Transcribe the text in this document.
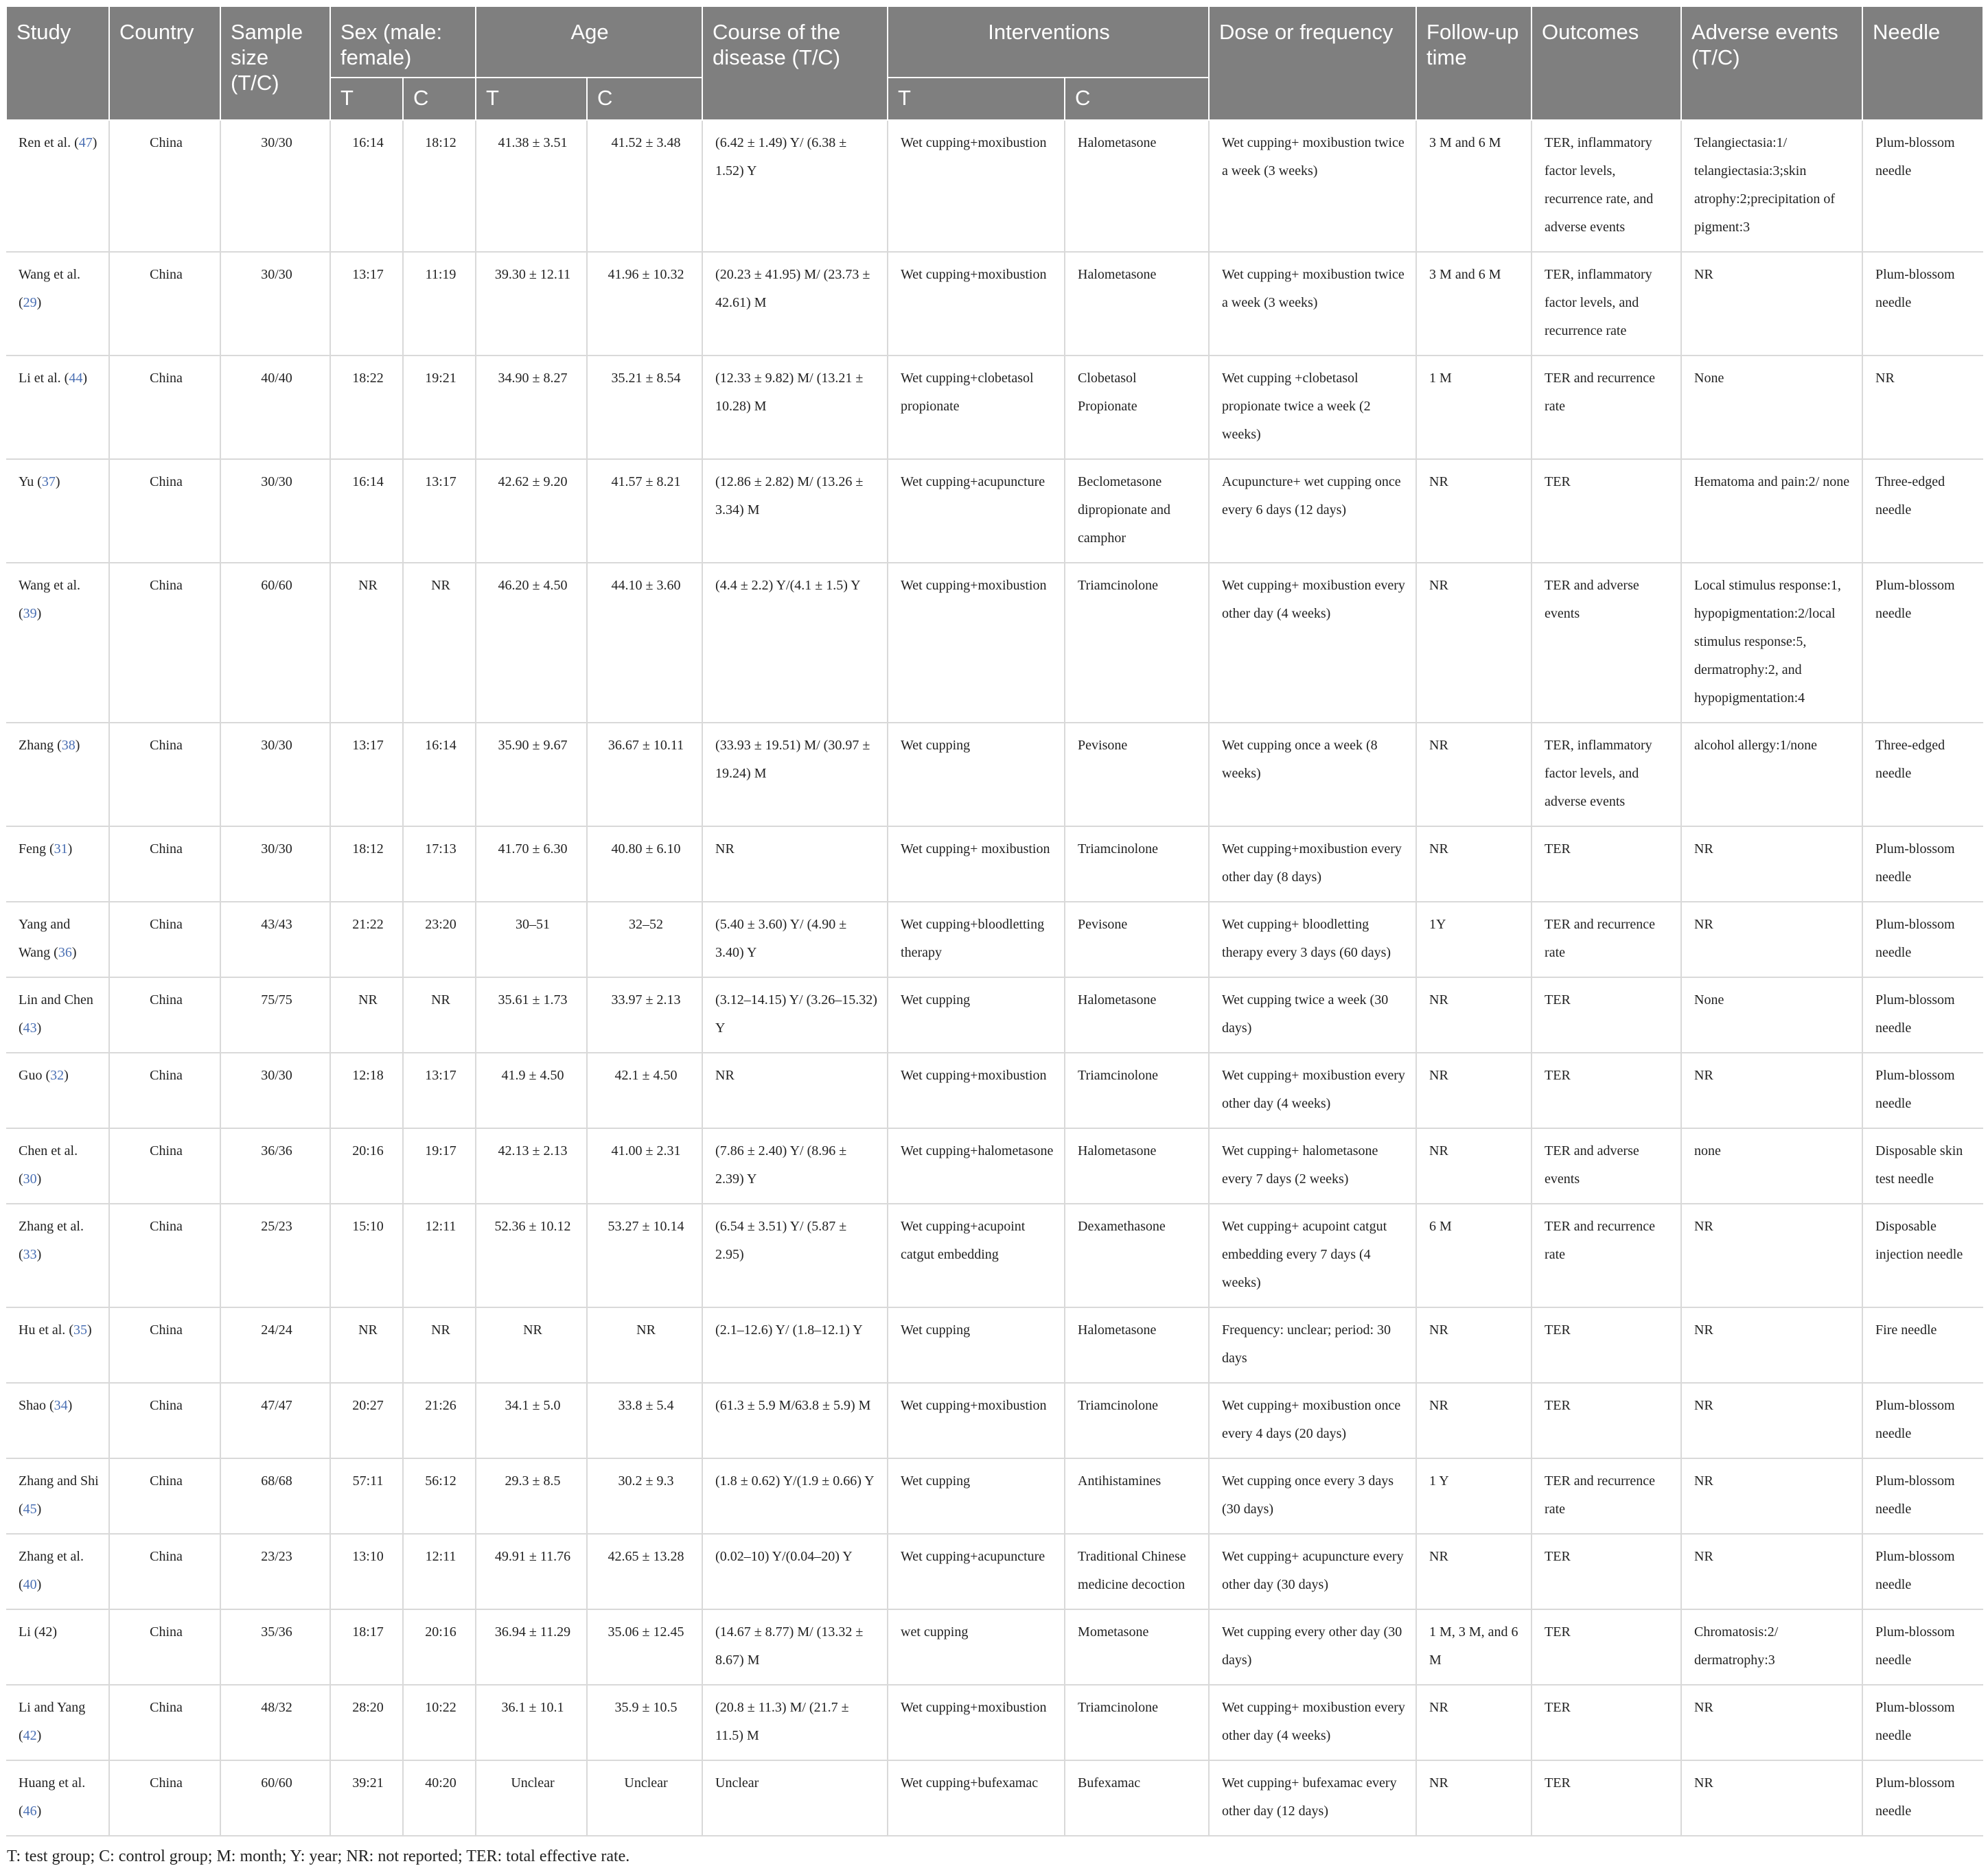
Study	Country	Sample size (T/C)	Sex (male: female)		Age		Course of the disease (T/C)	Interventions		Dose or frequency	Follow-up time	Outcomes	Adverse events (T/C)	Needle
			T	C	T	C		T	C					
Ren et al. (47)	China	30/30	16:14	18:12	41.38 ± 3.51	41.52 ± 3.48	(6.42 ± 1.49) Y/ (6.38 ± 1.52) Y	Wet cupping+moxibustion	Halometasone	Wet cupping+ moxibustion twice a week (3 weeks)	3 M and 6 M	TER, inflammatory factor levels, recurrence rate, and adverse events	Telangiectasia:1/ telangiectasia:3;skin atrophy:2;precipitation of pigment:3	Plum-blossom needle
Wang et al. (29)	China	30/30	13:17	11:19	39.30 ± 12.11	41.96 ± 10.32	(20.23 ± 41.95) M/ (23.73 ± 42.61) M	Wet cupping+moxibustion	Halometasone	Wet cupping+ moxibustion twice a week (3 weeks)	3 M and 6 M	TER, inflammatory factor levels, and recurrence rate	NR	Plum-blossom needle
Li et al. (44)	China	40/40	18:22	19:21	34.90 ± 8.27	35.21 ± 8.54	(12.33 ± 9.82) M/ (13.21 ± 10.28) M	Wet cupping+clobetasol propionate	Clobetasol Propionate	Wet cupping +clobetasol propionate twice a week (2 weeks)	1 M	TER and recurrence rate	None	NR
Yu (37)	China	30/30	16:14	13:17	42.62 ± 9.20	41.57 ± 8.21	(12.86 ± 2.82) M/ (13.26 ± 3.34) M	Wet cupping+acupuncture	Beclometasone dipropionate and camphor	Acupuncture+ wet cupping once every 6 days (12 days)	NR	TER	Hematoma and pain:2/ none	Three-edged needle
Wang et al. (39)	China	60/60	NR	NR	46.20 ± 4.50	44.10 ± 3.60	(4.4 ± 2.2) Y/(4.1 ± 1.5) Y	Wet cupping+moxibustion	Triamcinolone	Wet cupping+ moxibustion every other day (4 weeks)	NR	TER and adverse events	Local stimulus response:1, hypopigmentation:2/local stimulus response:5, dermatrophy:2, and hypopigmentation:4	Plum-blossom needle
Zhang (38)	China	30/30	13:17	16:14	35.90 ± 9.67	36.67 ± 10.11	(33.93 ± 19.51) M/ (30.97 ± 19.24) M	Wet cupping	Pevisone	Wet cupping once a week (8 weeks)	NR	TER, inflammatory factor levels, and adverse events	alcohol allergy:1/none	Three-edged needle
Feng (31)	China	30/30	18:12	17:13	41.70 ± 6.30	40.80 ± 6.10	NR	Wet cupping+ moxibustion	Triamcinolone	Wet cupping+moxibustion every other day (8 days)	NR	TER	NR	Plum-blossom needle
Yang and Wang (36)	China	43/43	21:22	23:20	30–51	32–52	(5.40 ± 3.60) Y/ (4.90 ± 3.40) Y	Wet cupping+bloodletting therapy	Pevisone	Wet cupping+ bloodletting therapy every 3 days (60 days)	1Y	TER and recurrence rate	NR	Plum-blossom needle
Lin and Chen (43)	China	75/75	NR	NR	35.61 ± 1.73	33.97 ± 2.13	(3.12–14.15) Y/ (3.26–15.32) Y	Wet cupping	Halometasone	Wet cupping twice a week (30 days)	NR	TER	None	Plum-blossom needle
Guo (32)	China	30/30	12:18	13:17	41.9 ± 4.50	42.1 ± 4.50	NR	Wet cupping+moxibustion	Triamcinolone	Wet cupping+ moxibustion every other day (4 weeks)	NR	TER	NR	Plum-blossom needle
Chen et al. (30)	China	36/36	20:16	19:17	42.13 ± 2.13	41.00 ± 2.31	(7.86 ± 2.40) Y/ (8.96 ± 2.39) Y	Wet cupping+halometasone	Halometasone	Wet cupping+ halometasone every 7 days (2 weeks)	NR	TER and adverse events	none	Disposable skin test needle
Zhang et al. (33)	China	25/23	15:10	12:11	52.36 ± 10.12	53.27 ± 10.14	(6.54 ± 3.51) Y/ (5.87 ± 2.95)	Wet cupping+acupoint catgut embedding	Dexamethasone	Wet cupping+ acupoint catgut embedding every 7 days (4 weeks)	6 M	TER and recurrence rate	NR	Disposable injection needle
Hu et al. (35)	China	24/24	NR	NR	NR	NR	(2.1–12.6) Y/ (1.8–12.1) Y	Wet cupping	Halometasone	Frequency: unclear; period: 30 days	NR	TER	NR	Fire needle
Shao (34)	China	47/47	20:27	21:26	34.1 ± 5.0	33.8 ± 5.4	(61.3 ± 5.9 M/63.8 ± 5.9) M	Wet cupping+moxibustion	Triamcinolone	Wet cupping+ moxibustion once every 4 days (20 days)	NR	TER	NR	Plum-blossom needle
Zhang and Shi (45)	China	68/68	57:11	56:12	29.3 ± 8.5	30.2 ± 9.3	(1.8 ± 0.62) Y/(1.9 ± 0.66) Y	Wet cupping	Antihistamines	Wet cupping once every 3 days (30 days)	1 Y	TER and recurrence rate	NR	Plum-blossom needle
Zhang et al. (40)	China	23/23	13:10	12:11	49.91 ± 11.76	42.65 ± 13.28	(0.02–10) Y/(0.04–20) Y	Wet cupping+acupuncture	Traditional Chinese medicine decoction	Wet cupping+ acupuncture every other day (30 days)	NR	TER	NR	Plum-blossom needle
Li (42)	China	35/36	18:17	20:16	36.94 ± 11.29	35.06 ± 12.45	(14.67 ± 8.77) M/ (13.32 ± 8.67) M	wet cupping	Mometasone	Wet cupping every other day (30 days)	1 M, 3 M, and 6 M	TER	Chromatosis:2/ dermatrophy:3	Plum-blossom needle
Li and Yang (42)	China	48/32	28:20	10:22	36.1 ± 10.1	35.9 ± 10.5	(20.8 ± 11.3) M/ (21.7 ± 11.5) M	Wet cupping+moxibustion	Triamcinolone	Wet cupping+ moxibustion every other day (4 weeks)	NR	TER	NR	Plum-blossom needle
Huang et al. (46)	China	60/60	39:21	40:20	Unclear	Unclear	Unclear	Wet cupping+bufexamac	Bufexamac	Wet cupping+ bufexamac every other day (12 days)	NR	TER	NR	Plum-blossom needle
T: test group; C: control group; M: month; Y: year; NR: not reported; TER: total effective rate.
